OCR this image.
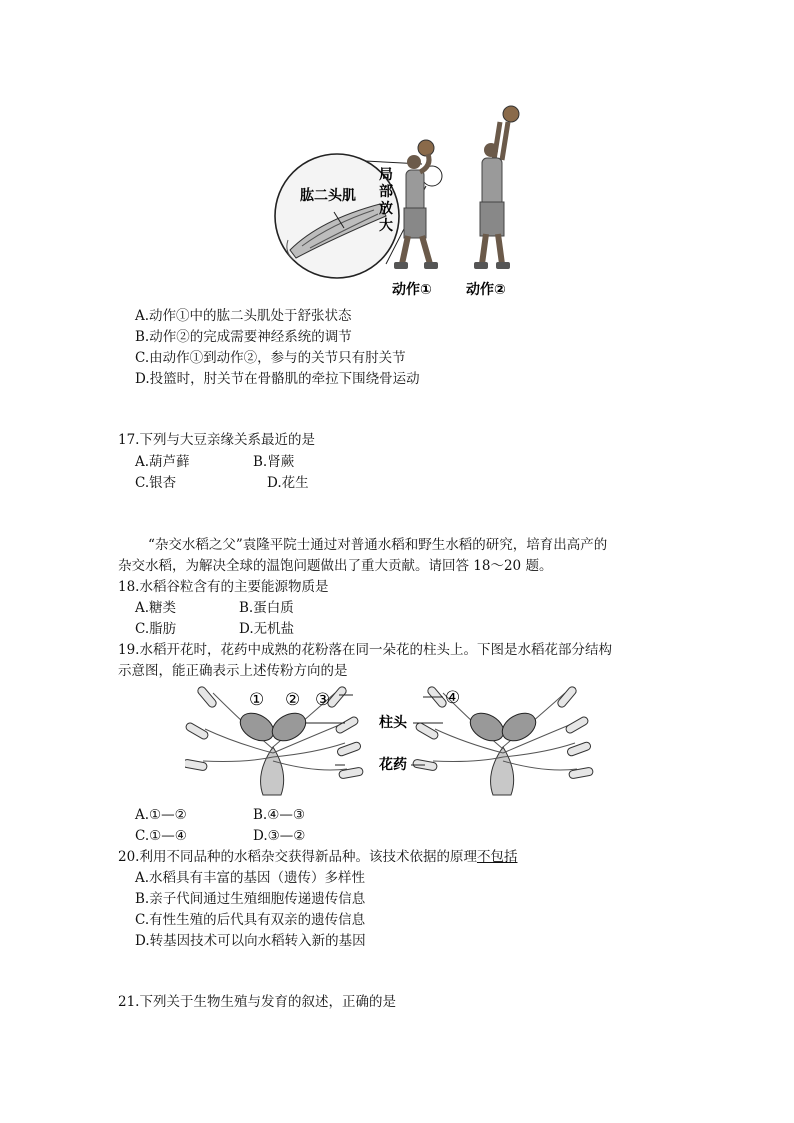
肱二头肌
局
部
放
大
动作① 动作②
A.动作①中的肱二头肌处于舒张状态
B.动作②的完成需要神经系统的调节
C.由动作①到动作②，参与的关节只有肘关节
D.投篮时，肘关节在骨骼肌的牵拉下围绕骨运动
17.下列与大豆亲缘关系最近的是
A.葫芦藓	B.肾蕨
C.银杏	D.花生
“杂交水稻之父”袁隆平院士通过对普通水稻和野生水稻的研究，培育出高产的
杂交水稻，为解决全球的温饱问题做出了重大贡献。请回答 18～20 题。
18.水稻谷粒含有的主要能源物质是
A.糖类	B.蛋白质
C.脂肪	D.无机盐
19.水稻开花时，花药中成熟的花粉落在同一朵花的柱头上。下图是水稻花部分结构
示意图，能正确表示上述传粉方向的是
① ② ③	④
柱头
花药
A.①—②	B.④—③
C.①—④	D.③—②
20.利用不同品种的水稻杂交获得新品种。该技术依据的原理不包括
A.水稻具有丰富的基因（遗传）多样性
B.亲子代间通过生殖细胞传递遗传信息
C.有性生殖的后代具有双亲的遗传信息
D.转基因技术可以向水稻转入新的基因
21.下列关于生物生殖与发育的叙述，正确的是
